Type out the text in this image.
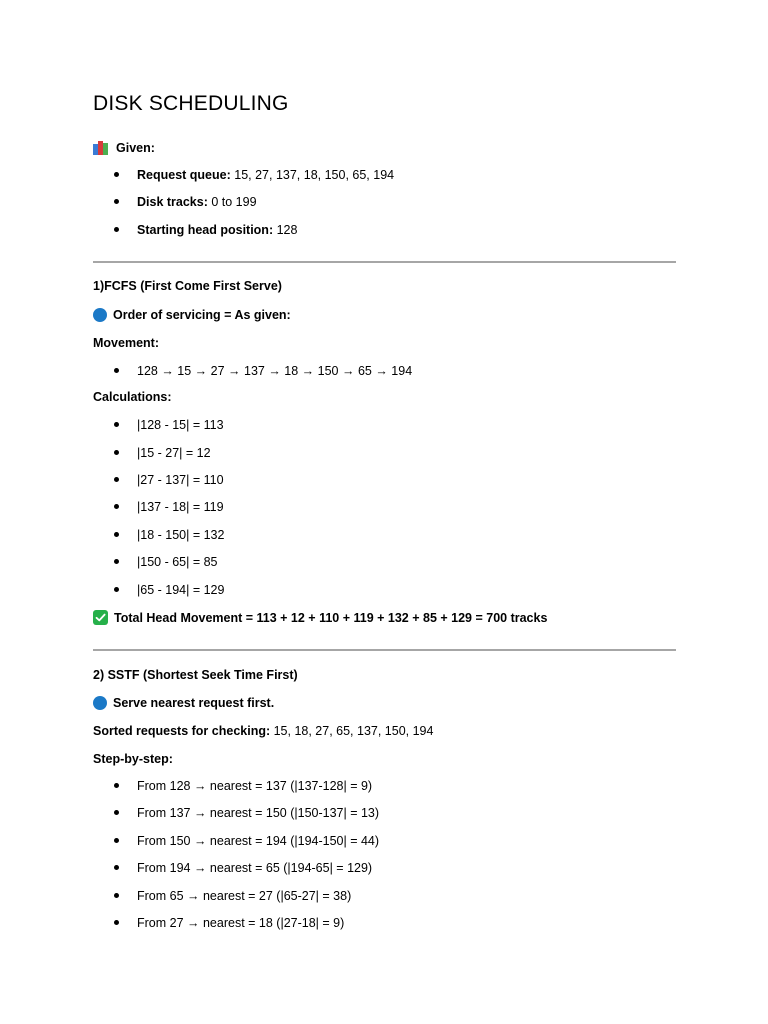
DISK SCHEDULING
Given:
Request queue: 15, 27, 137, 18, 150, 65, 194
Disk tracks: 0 to 199
Starting head position: 128
1)FCFS (First Come First Serve)
Order of servicing = As given:
Movement:
128 → 15 → 27 → 137 → 18 → 150 → 65 → 194
Calculations:
|128 - 15| = 113
|15 - 27| = 12
|27 - 137| = 110
|137 - 18| = 119
|18 - 150| = 132
|150 - 65| = 85
|65 - 194| = 129
Total Head Movement = 113 + 12 + 110 + 119 + 132 + 85 + 129 = 700 tracks
2) SSTF (Shortest Seek Time First)
Serve nearest request first.
Sorted requests for checking: 15, 18, 27, 65, 137, 150, 194
Step-by-step:
From 128 → nearest = 137 (|137-128| = 9)
From 137 → nearest = 150 (|150-137| = 13)
From 150 → nearest = 194 (|194-150| = 44)
From 194 → nearest = 65 (|194-65| = 129)
From 65 → nearest = 27 (|65-27| = 38)
From 27 → nearest = 18 (|27-18| = 9)
